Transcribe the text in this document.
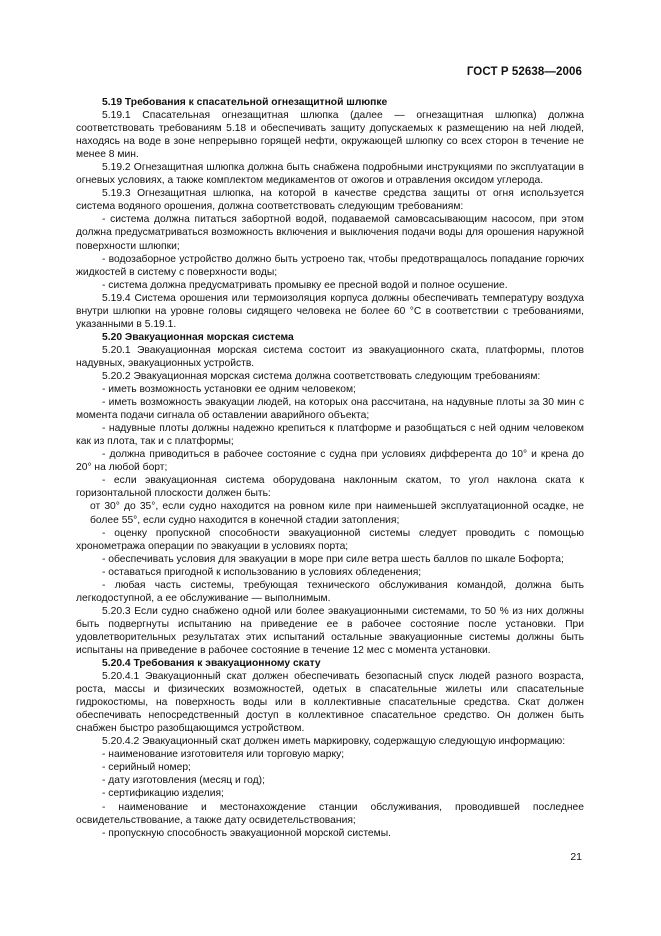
ГОСТ Р 52638—2006

5.19 Требования к спасательной огнезащитной шлюпке

5.19.1 Спасательная огнезащитная шлюпка (далее — огнезащитная шлюпка) должна соответствовать требованиям 5.18 и обеспечивать защиту допускаемых к размещению на ней людей, находясь на воде в зоне непрерывно горящей нефти, окружающей шлюпку со всех сторон в течение не менее 8 мин.

5.19.2 Огнезащитная шлюпка должна быть снабжена подробными инструкциями по эксплуатации в огневых условиях, а также комплектом медикаментов от ожогов и отравления оксидом углерода.

5.19.3 Огнезащитная шлюпка, на которой в качестве средства защиты от огня используется система водяного орошения, должна соответствовать следующим требованиям:

- система должна питаться забортной водой, подаваемой самовсасывающим насосом, при этом должна предусматриваться возможность включения и выключения подачи воды для орошения наружной поверхности шлюпки;

- водозаборное устройство должно быть устроено так, чтобы предотвращалось попадание горючих жидкостей в систему с поверхности воды;

- система должна предусматривать промывку ее пресной водой и полное осушение.

5.19.4 Система орошения или термоизоляция корпуса должны обеспечивать температуру воздуха внутри шлюпки на уровне головы сидящего человека не более 60 °С в соответствии с требованиями, указанными в 5.19.1.

5.20 Эвакуационная морская система

5.20.1 Эвакуационная морская система состоит из эвакуационного ската, платформы, плотов надувных, эвакуационных устройств.

5.20.2 Эвакуационная морская система должна соответствовать следующим требованиям:

- иметь возможность установки ее одним человеком;

- иметь возможность эвакуации людей, на которых она рассчитана, на надувные плоты за 30 мин с момента подачи сигнала об оставлении аварийного объекта;

- надувные плоты должны надежно крепиться к платформе и разобщаться с ней одним человеком как из плота, так и с платформы;

- должна приводиться в рабочее состояние с судна при условиях дифферента до 10° и крена до 20° на любой борт;

- если эвакуационная система оборудована наклонным скатом, то угол наклона ската к горизонтальной плоскости должен быть:

от 30° до 35°, если судно находится на ровном киле при наименьшей эксплуатационной осадке, не более 55°, если судно находится в конечной стадии затопления;

- оценку пропускной способности эвакуационной системы следует проводить с помощью хронометража операции по эвакуации в условиях порта;

- обеспечивать условия для эвакуации в море при силе ветра шесть баллов по шкале Бофорта;

- оставаться пригодной к использованию в условиях обледенения;

- любая часть системы, требующая технического обслуживания командой, должна быть легкодоступной, а ее обслуживание — выполнимым.

5.20.3 Если судно снабжено одной или более эвакуационными системами, то 50 % из них должны быть подвергнуты испытанию на приведение ее в рабочее состояние после установки. При удовлетворительных результатах этих испытаний остальные эвакуационные системы должны быть испытаны на приведение в рабочее состояние в течение 12 мес с момента установки.

5.20.4 Требования к эвакуационному скату

5.20.4.1 Эвакуационный скат должен обеспечивать безопасный спуск людей разного возраста, роста, массы и физических возможностей, одетых в спасательные жилеты или спасательные гидрокостюмы, на поверхность воды или в коллективные спасательные средства. Скат должен обеспечивать непосредственный доступ в коллективное спасательное средство. Он должен быть снабжен быстро разобщающимся устройством.

5.20.4.2 Эвакуационный скат должен иметь маркировку, содержащую следующую информацию:

- наименование изготовителя или торговую марку;

- серийный номер;

- дату изготовления (месяц и год);

- сертификацию изделия;

- наименование и местонахождение станции обслуживания, проводившей последнее освидетельствование, а также дату освидетельствования;

- пропускную способность эвакуационной морской системы.

21
